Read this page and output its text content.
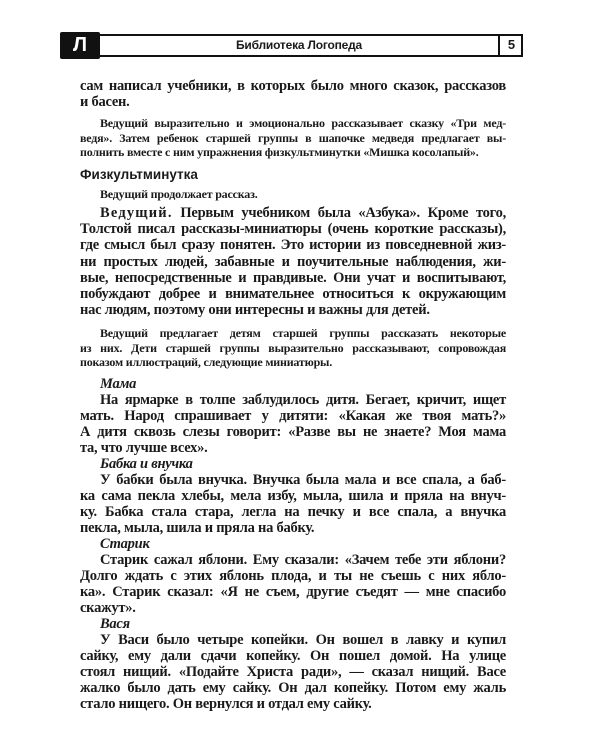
Л	Библиотека Логопеда	5
сам написал учебники, в которых было много сказок, рассказов
и басен.
Ведущий выразительно и эмоционально рассказывает сказку «Три мед-
ведя». Затем ребенок старшей группы в шапочке медведя предлагает вы-
полнить вместе с ним упражнения физкультминутки «Мишка косолапый».
Физкультминутка
Ведущий продолжает рассказ.
Ведущий. Первым учебником была «Азбука». Кроме того,
Толстой писал рассказы-миниатюры (очень короткие рассказы),
где смысл был сразу понятен. Это истории из повседневной жиз-
ни простых людей, забавные и поучительные наблюдения, жи-
вые, непосредственные и правдивые. Они учат и воспитывают,
побуждают добрее и внимательнее относиться к окружающим
нас людям, поэтому они интересны и важны для детей.
Ведущий предлагает детям старшей группы рассказать некоторые
из них. Дети старшей группы выразительно рассказывают, сопровождая
показом иллюстраций, следующие миниатюры.
Мама
На ярмарке в толпе заблудилось дитя. Бегает, кричит, ищет
мать. Народ спрашивает у дитяти: «Какая же твоя мать?»
А дитя сквозь слезы говорит: «Разве вы не знаете? Моя мама
та, что лучше всех».
Бабка и внучка
У бабки была внучка. Внучка была мала и все спала, а баб-
ка сама пекла хлебы, мела избу, мыла, шила и пряла на внуч-
ку. Бабка стала стара, легла на печку и все спала, а внучка
пекла, мыла, шила и пряла на бабку.
Старик
Старик сажал яблони. Ему сказали: «Зачем тебе эти яблони?
Долго ждать с этих яблонь плода, и ты не съешь с них ябло-
ка». Старик сказал: «Я не съем, другие съедят — мне спасибо
скажут».
Вася
У Васи было четыре копейки. Он вошел в лавку и купил
сайку, ему дали сдачи копейку. Он пошел домой. На улице
стоял нищий. «Подайте Христа ради», — сказал нищий. Васе
жалко было дать ему сайку. Он дал копейку. Потом ему жаль
стало нищего. Он вернулся и отдал ему сайку.
